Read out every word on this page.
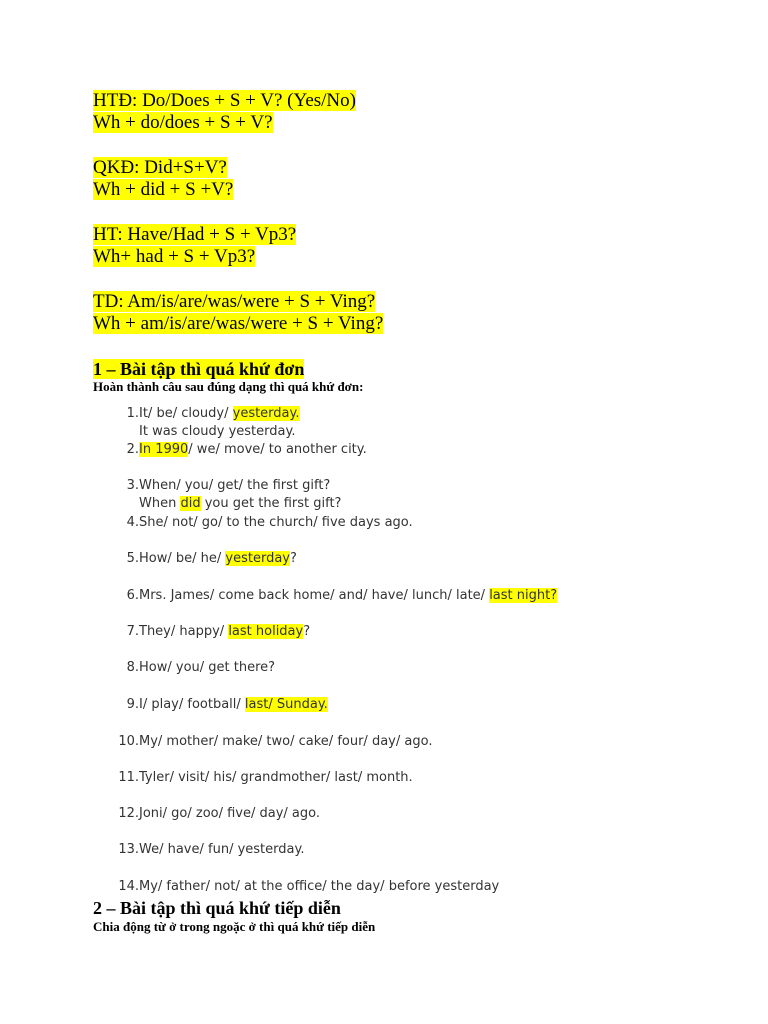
HTĐ: Do/Does + S + V? (Yes/No)
Wh + do/does + S + V?
QKĐ: Did+S+V?
Wh + did + S +V?
HT: Have/Had + S + Vp3?
Wh+ had + S + Vp3?
TD: Am/is/are/was/were + S + Ving?
Wh + am/is/are/was/were + S + Ving?
1 – Bài tập thì quá khứ đơn
Hoàn thành câu sau đúng dạng thì quá khứ đơn:
1. It/ be/ cloudy/ yesterday.
It was cloudy yesterday.
2. In 1990/ we/ move/ to another city.
3. When/ you/ get/ the first gift?
When did you get the first gift?
4. She/ not/ go/ to the church/ five days ago.
5. How/ be/ he/ yesterday?
6. Mrs. James/ come back home/ and/ have/ lunch/ late/ last night?
7. They/ happy/ last holiday?
8. How/ you/ get there?
9. I/ play/ football/ last/ Sunday.
10. My/ mother/ make/ two/ cake/ four/ day/ ago.
11. Tyler/ visit/ his/ grandmother/ last/ month.
12. Joni/ go/ zoo/ five/ day/ ago.
13. We/ have/ fun/ yesterday.
14. My/ father/ not/ at the office/ the day/ before yesterday
2 – Bài tập thì quá khứ tiếp diễn
Chia động từ ở trong ngoặc ở thì quá khứ tiếp diễn
